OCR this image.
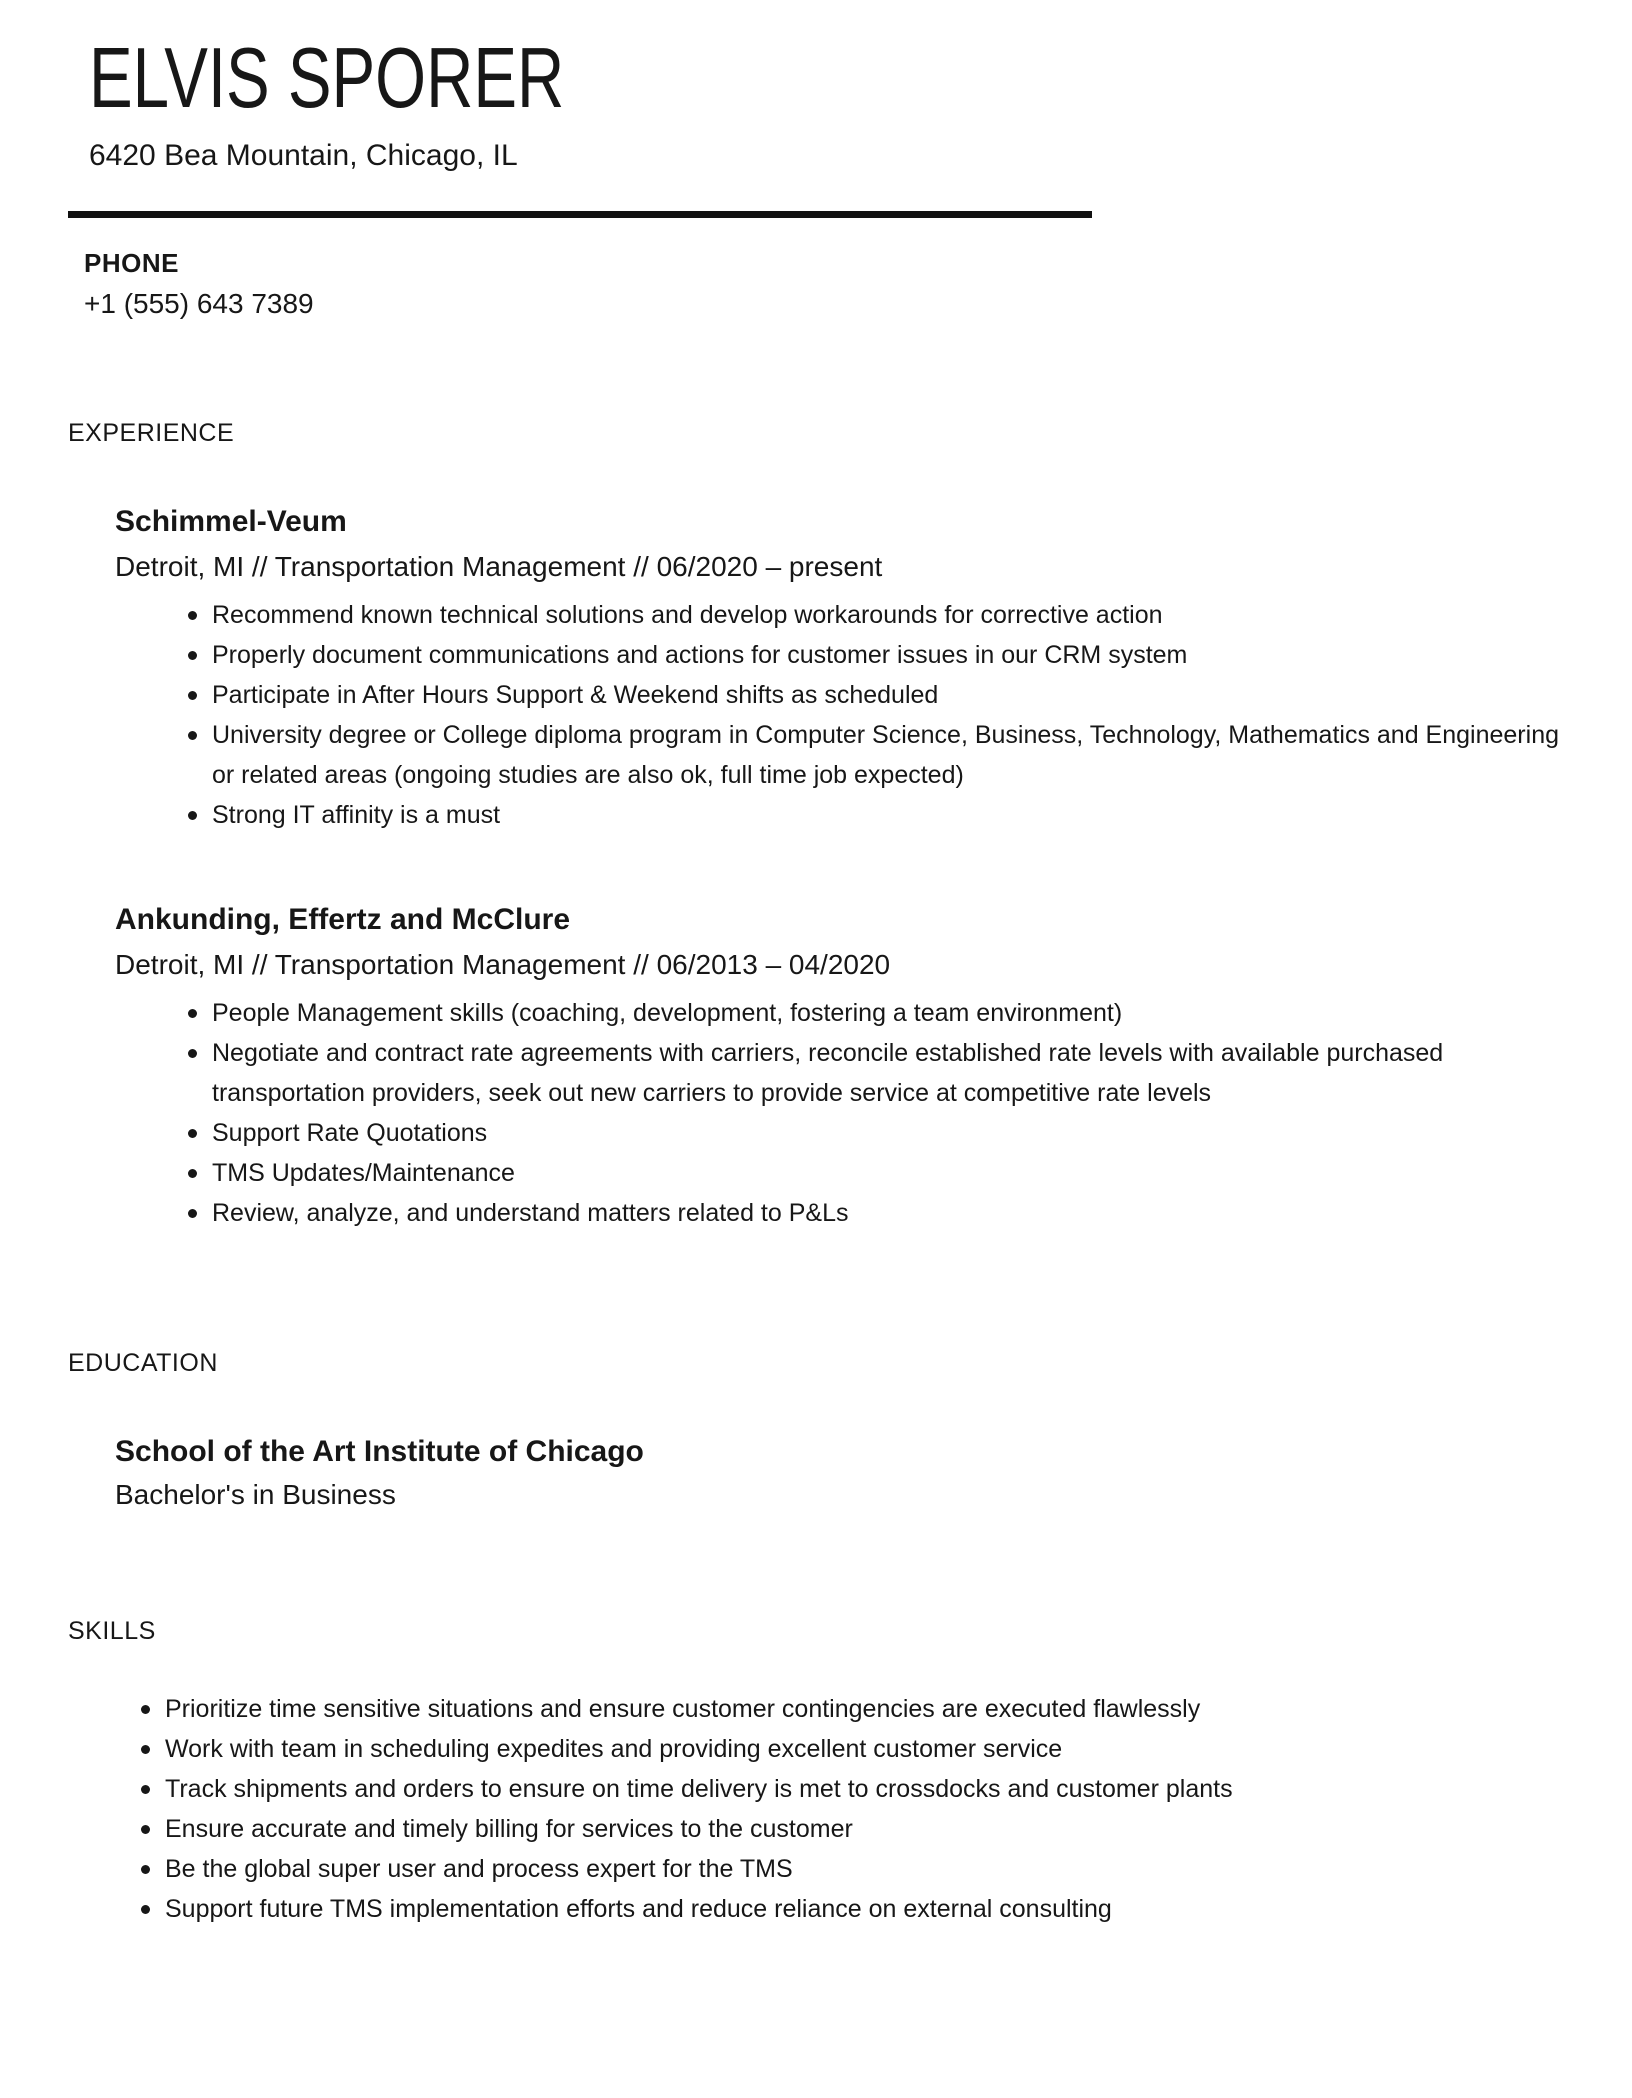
ELVIS SPORER
6420 Bea Mountain, Chicago, IL
PHONE
+1 (555) 643 7389
EXPERIENCE
Schimmel-Veum
Detroit, MI // Transportation Management // 06/2020 – present
Recommend known technical solutions and develop workarounds for corrective action
Properly document communications and actions for customer issues in our CRM system
Participate in After Hours Support & Weekend shifts as scheduled
University degree or College diploma program in Computer Science, Business, Technology, Mathematics and Engineering or related areas (ongoing studies are also ok, full time job expected)
Strong IT affinity is a must
Ankunding, Effertz and McClure
Detroit, MI // Transportation Management // 06/2013 – 04/2020
People Management skills (coaching, development, fostering a team environment)
Negotiate and contract rate agreements with carriers, reconcile established rate levels with available purchased transportation providers, seek out new carriers to provide service at competitive rate levels
Support Rate Quotations
TMS Updates/Maintenance
Review, analyze, and understand matters related to P&Ls
EDUCATION
School of the Art Institute of Chicago
Bachelor's in Business
SKILLS
Prioritize time sensitive situations and ensure customer contingencies are executed flawlessly
Work with team in scheduling expedites and providing excellent customer service
Track shipments and orders to ensure on time delivery is met to crossdocks and customer plants
Ensure accurate and timely billing for services to the customer
Be the global super user and process expert for the TMS
Support future TMS implementation efforts and reduce reliance on external consulting
